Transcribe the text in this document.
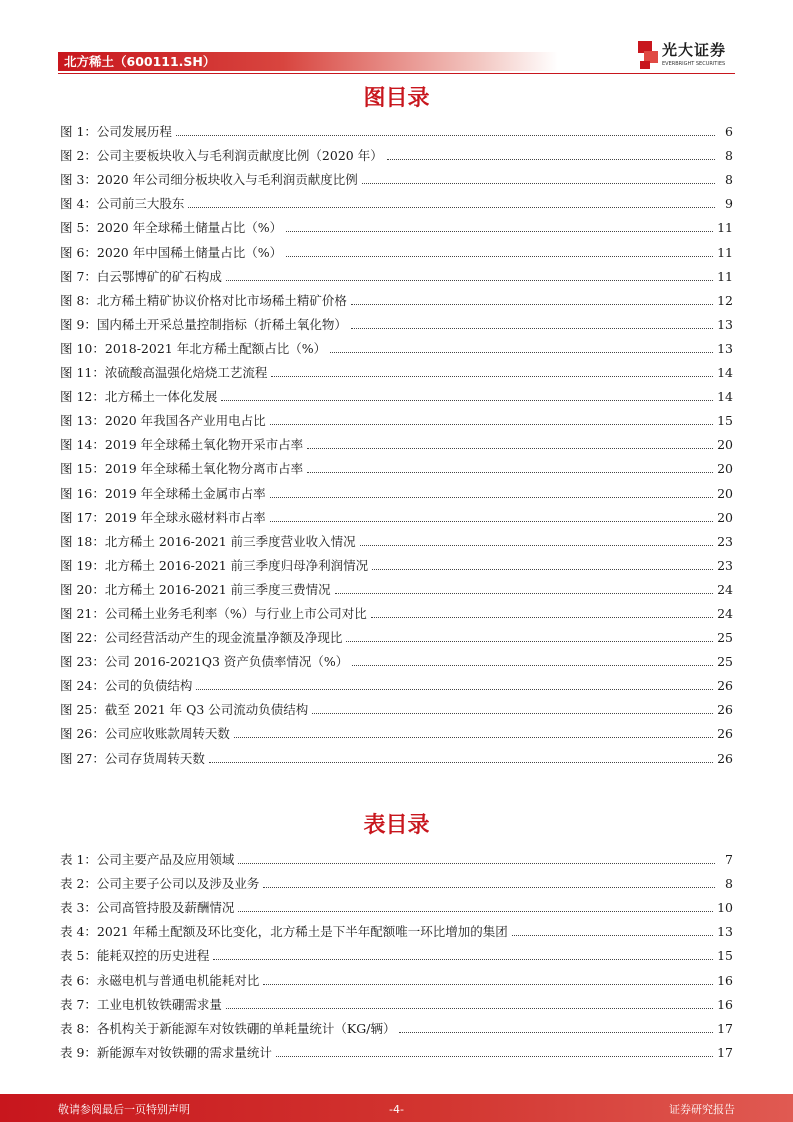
北方稀土（600111.SH）
光大证券
EVERBRIGHT SECURITIES
图目录
图 1：公司发展历程	6
图 2：公司主要板块收入与毛利润贡献度比例（2020 年）	8
图 3：2020 年公司细分板块收入与毛利润贡献度比例	8
图 4：公司前三大股东	9
图 5：2020 年全球稀土储量占比（%）	11
图 6：2020 年中国稀土储量占比（%）	11
图 7：白云鄂博矿的矿石构成	11
图 8：北方稀土精矿协议价格对比市场稀土精矿价格	12
图 9：国内稀土开采总量控制指标（折稀土氧化物）	13
图 10：2018-2021 年北方稀土配额占比（%）	13
图 11：浓硫酸高温强化焙烧工艺流程	14
图 12：北方稀土一体化发展	14
图 13：2020 年我国各产业用电占比	15
图 14：2019 年全球稀土氧化物开采市占率	20
图 15：2019 年全球稀土氧化物分离市占率	20
图 16：2019 年全球稀土金属市占率	20
图 17：2019 年全球永磁材料市占率	20
图 18：北方稀土 2016-2021 前三季度营业收入情况	23
图 19：北方稀土 2016-2021 前三季度归母净利润情况	23
图 20：北方稀土 2016-2021 前三季度三费情况	24
图 21：公司稀土业务毛利率（%）与行业上市公司对比	24
图 22：公司经营活动产生的现金流量净额及净现比	25
图 23：公司 2016-2021Q3 资产负债率情况（%）	25
图 24：公司的负债结构	26
图 25：截至 2021 年 Q3 公司流动负债结构	26
图 26：公司应收账款周转天数	26
图 27：公司存货周转天数	26
表目录
表 1：公司主要产品及应用领域	7
表 2：公司主要子公司以及涉及业务	8
表 3：公司高管持股及薪酬情况	10
表 4：2021 年稀土配额及环比变化，北方稀土是下半年配额唯一环比增加的集团	13
表 5：能耗双控的历史进程	15
表 6：永磁电机与普通电机能耗对比	16
表 7：工业电机钕铁硼需求量	16
表 8：各机构关于新能源车对钕铁硼的单耗量统计（KG/辆）	17
表 9：新能源车对钕铁硼的需求量统计	17
敬请参阅最后一页特别声明	-4-	证券研究报告
